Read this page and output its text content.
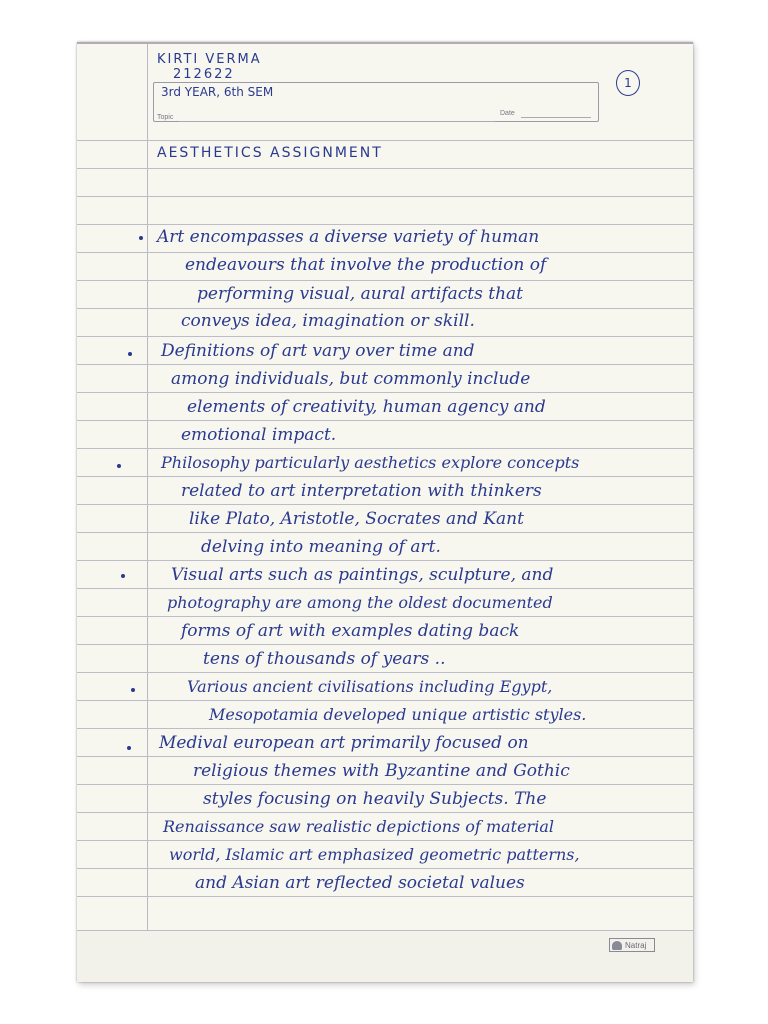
Topic
Date
KIRTI VERMA
212622
3rd YEAR, 6th SEM
1
AESTHETICS ASSIGNMENT
Art encompasses a diverse variety of human
endeavours that involve the production of
performing visual, aural artifacts that
conveys idea, imagination or skill.
Definitions of art vary over time and
among individuals, but commonly include
elements of creativity, human agency and
emotional impact.
Philosophy particularly aesthetics explore concepts
related to art interpretation with thinkers
like Plato, Aristotle, Socrates and Kant
delving into meaning of art.
Visual arts such as paintings, sculpture, and
photography are among the oldest documented
forms of art with examples dating back
tens of thousands of years ..
Various ancient civilisations including Egypt,
Mesopotamia developed unique artistic styles.
Medival european art primarily focused on
religious themes with Byzantine and Gothic
styles focusing on heavily Subjects. The
Renaissance saw realistic depictions of material
world, Islamic art emphasized geometric patterns,
and Asian art reflected societal values
Natraj
